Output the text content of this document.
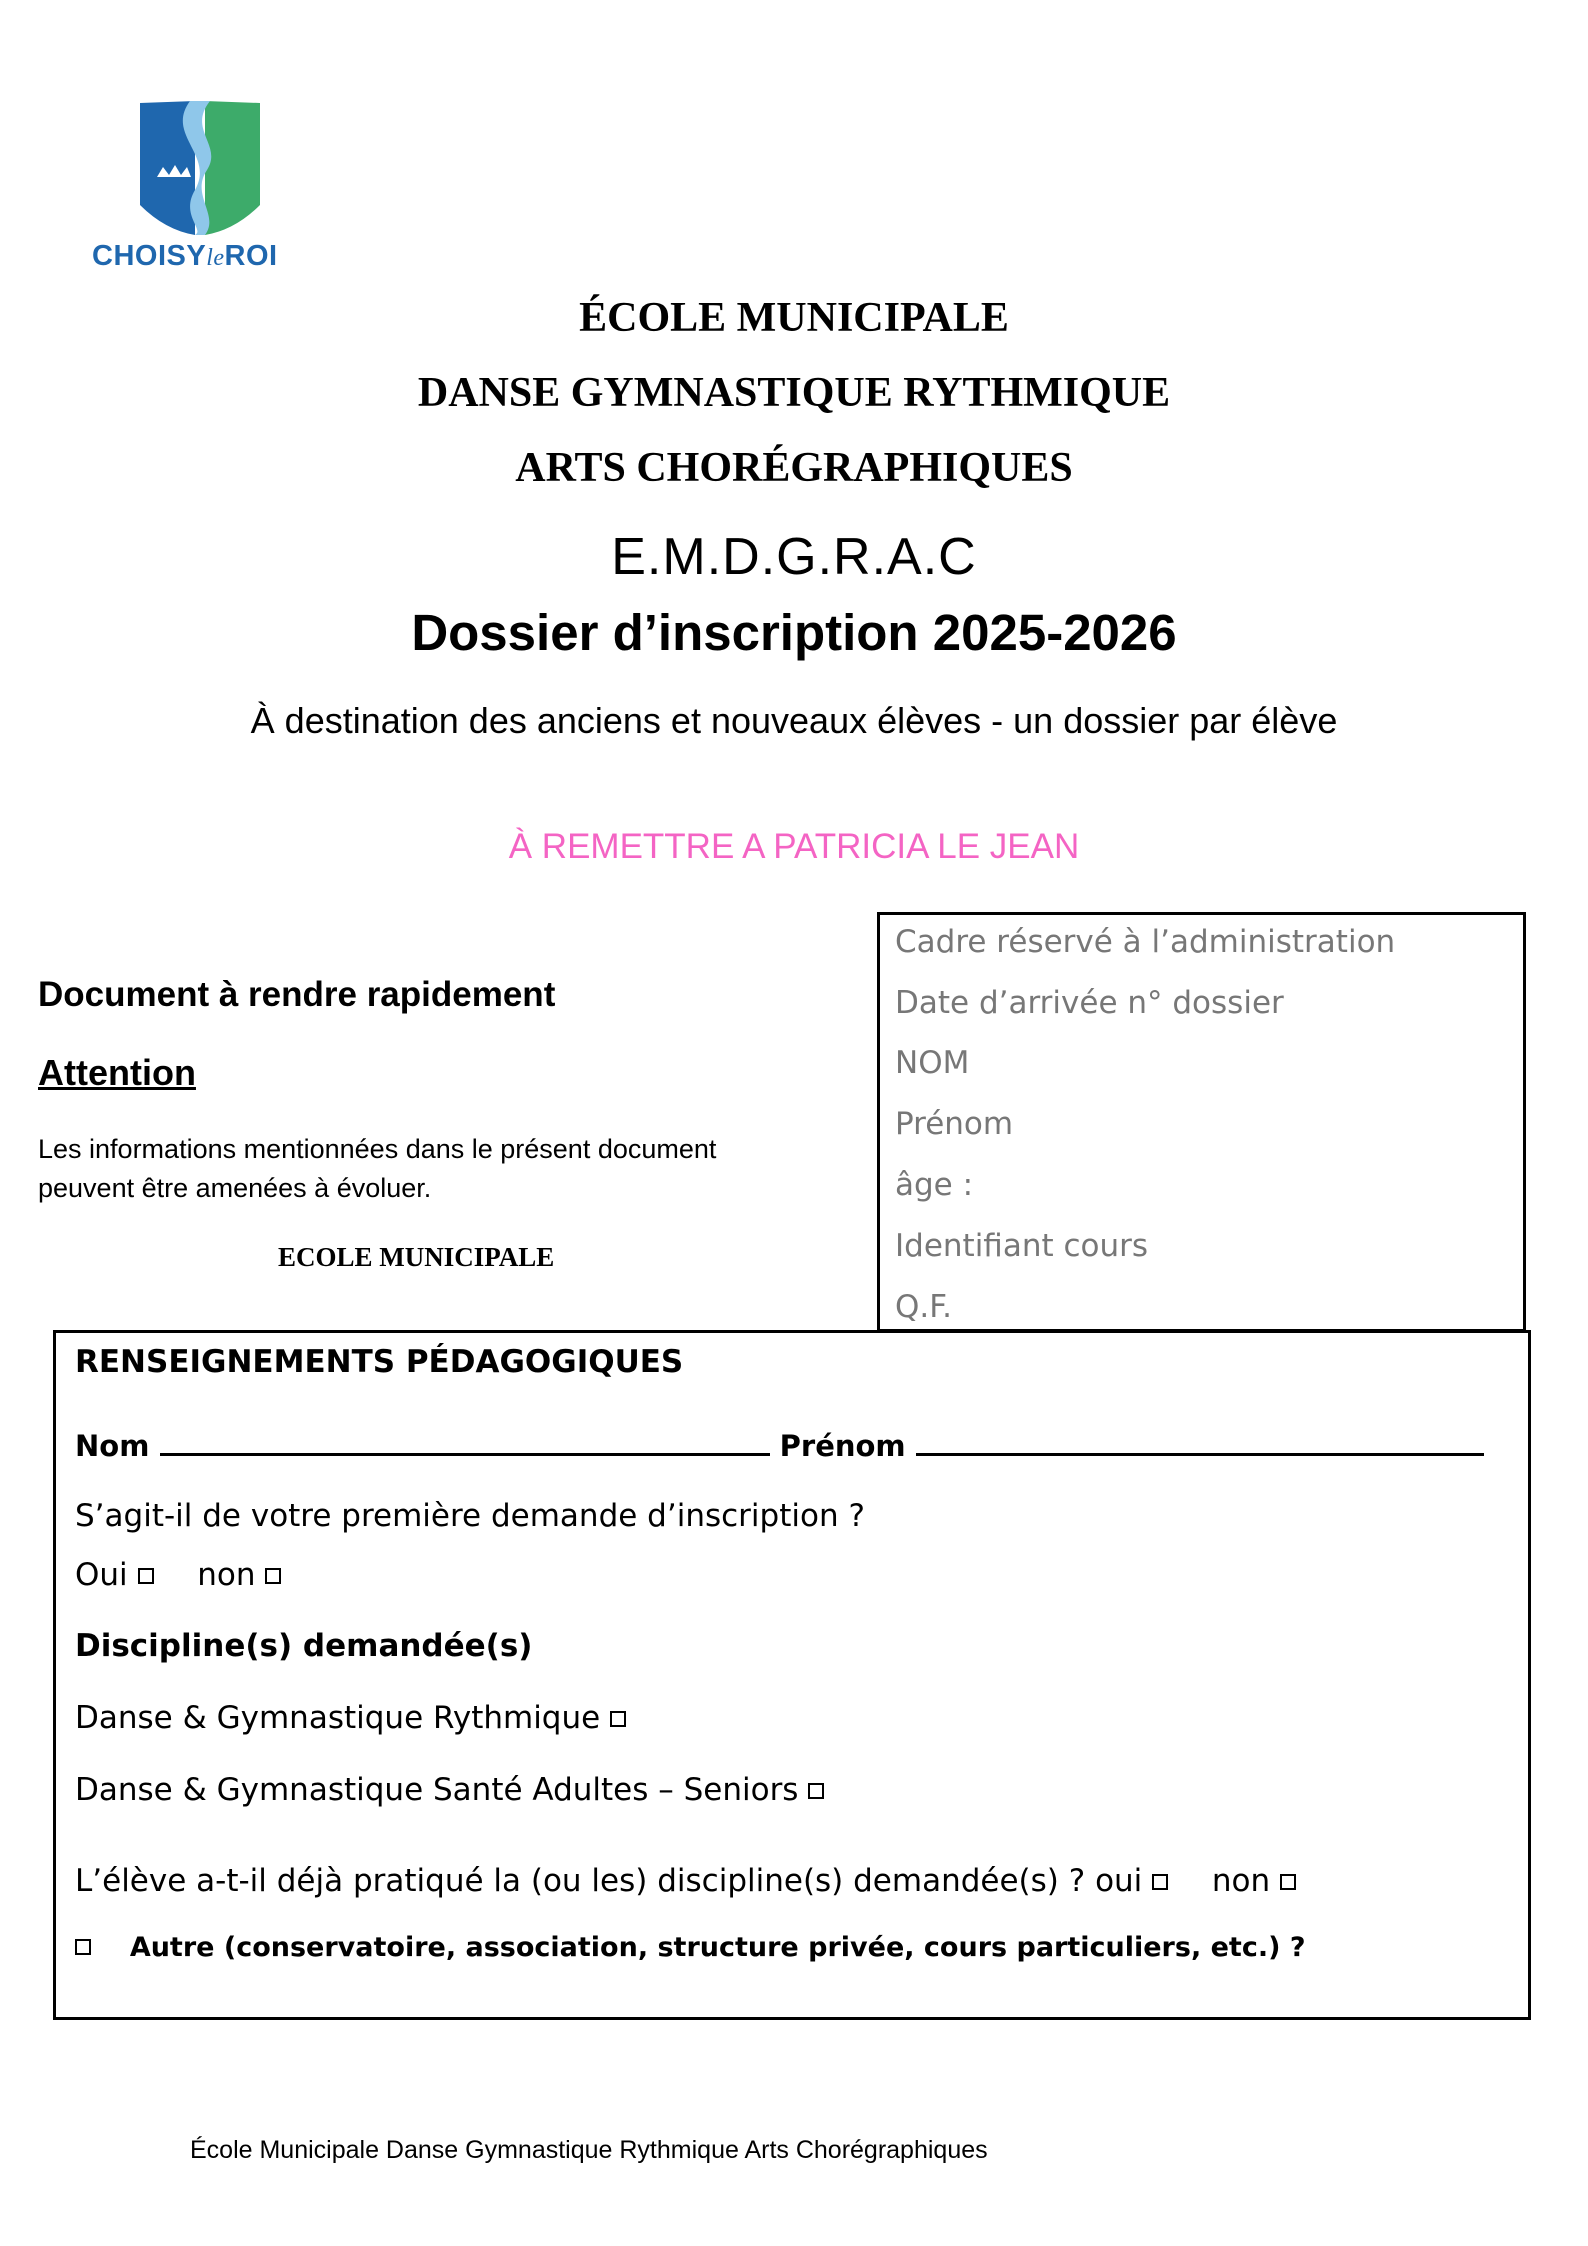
CHOISYleROI
ÉCOLE MUNICIPALE
DANSE GYMNASTIQUE RYTHMIQUE
ARTS CHORÉGRAPHIQUES
E.M.D.G.R.A.C
Dossier d’inscription 2025-2026
À destination des anciens et nouveaux élèves - un dossier par élève
À REMETTRE A PATRICIA LE JEAN
Document à rendre rapidement
Attention
Les informations mentionnées dans le présent document
peuvent être amenées à évoluer.
ECOLE MUNICIPALE
Cadre réservé à l’administration
Date d’arrivée n° dossier
NOM
Prénom
âge :
Identifiant cours
Q.F.
RENSEIGNEMENTS PÉDAGOGIQUES
Nom	Prénom
S’agit-il de votre première demande d’inscription ?
Oui non
Discipline(s) demandée(s)
Danse & Gymnastique Rythmique
Danse & Gymnastique Santé Adultes – Seniors
L’élève a-t-il déjà pratiqué la (ou les) discipline(s) demandée(s) ? oui non
Autre (conservatoire, association, structure privée, cours particuliers, etc.) ?
École Municipale Danse Gymnastique Rythmique Arts Chorégraphiques
